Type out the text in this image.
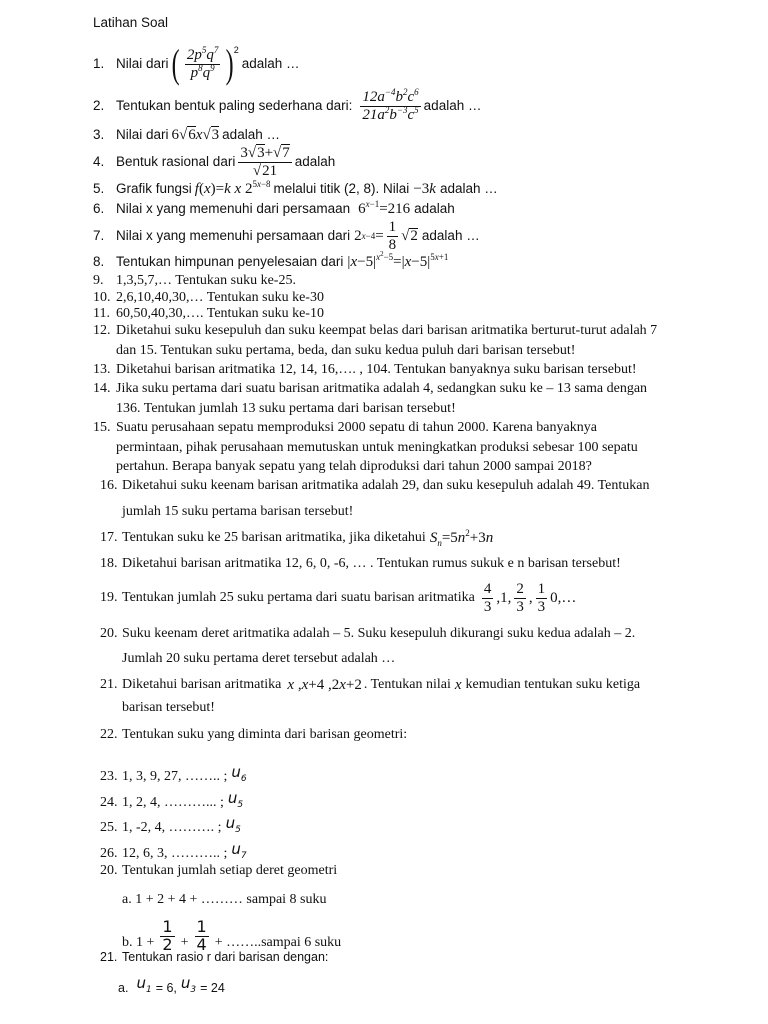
Latihan Soal
1. Nilai dari ( $\frac{2p^5q^7}{p^8q^9} )^2$
adalah …
2. Tentukan bentuk paling sederhana dari: $\frac{12a^{-4}b^2c^6}{21a^2b^{-3}c^5}$ adalah …
3. Nilai dari 6√6x√3 adalah …
4. Bentuk rasional dari $\frac{3√3+√7}{√21}$ adalah
5. Grafik fungsi f(x)=k x $2^{5x-8}$ melalui titik (2, 8). Nilai −3k adalah …
6. Nilai x yang memenuhi dari persamaan $6^{x-1}=216$ adalah
7. Nilai x yang memenuhi persamaan dari 2 $x-4 = \frac{1}{8}$ √ 2 adalah …
8. Tentukan himpunan penyelesaian dari $|x-5|^{x^2-5}=|x-5|^{5x+1}$
9. 1,3,5,7,… Tentukan suku ke-25.
10. 2,6,10,40,30,… Tentukan suku ke-30
11. 60,50,40,30,…. Tentukan suku ke-10
12. Diketahui suku kesepuluh dan suku keempat belas dari barisan aritmatika berturut-turut adalah 7
dan 15. Tentukan suku pertama, beda, dan suku kedua puluh dari barisan tersebut!
13. Diketahui barisan aritmatika 12, 14, 16,…. , 104. Tentukan banyaknya suku barisan tersebut!
14. Jika suku pertama dari suatu barisan aritmatika adalah 4, sedangkan suku ke – 13 sama dengan
136. Tentukan jumlah 13 suku pertama dari barisan tersebut!
15. Suatu perusahaan sepatu memproduksi 2000 sepatu di tahun 2000. Karena banyaknya
permintaan, pihak perusahaan memutuskan untuk meningkatkan produksi sebesar 100 sepatu
pertahun. Berapa banyak sepatu yang telah diproduksi dari tahun 2000 sampai 2018?
16. Diketahui suku keenam barisan aritmatika adalah 29, dan suku kesepuluh adalah 49. Tentukan
jumlah 15 suku pertama barisan tersebut!
17. Tentukan suku ke 25 barisan aritmatika, jika diketahui $S_n=5n^2+3n$
18. Diketahui barisan aritmatika 12, 6, 0, -6, … . Tentukan rumus sukuk e n barisan tersebut!
19. Tentukan jumlah 25 suku pertama dari suatu barisan aritmatika $\frac{4}{3} ,1$, $\frac{2}{3}$ , $\frac{1}{3}$ 0,…
20. Suku keenam deret aritmatika adalah – 5. Suku kesepuluh dikurangi suku kedua adalah – 2.
Jumlah 20 suku pertama deret tersebut adalah …
21. Diketahui barisan aritmatika x ,x+4 ,2x+2 . Tentukan nilai x kemudian tentukan suku ketiga
barisan tersebut!
22. Tentukan suku yang diminta dari barisan geometri:
23. 1, 3, 9, 27, …….. ; $u_6$
24. 1, 2, 4, ………... ; $u_5$
25. 1, -2, 4, ………. ; $u_5$
26. 12, 6, 3, ……….. ; $u_7$
20. Tentukan jumlah setiap deret geometri
a. 1 + 2 + 4 + ……… sampai 8 suku
b.
$1 + \frac{1}{2} + \frac{1}{4}$ + ……..sampai 6 suku
21. Tentukan rasio r dari barisan dengan:
a. $u_1 = 6$, $u_3 = 24$
